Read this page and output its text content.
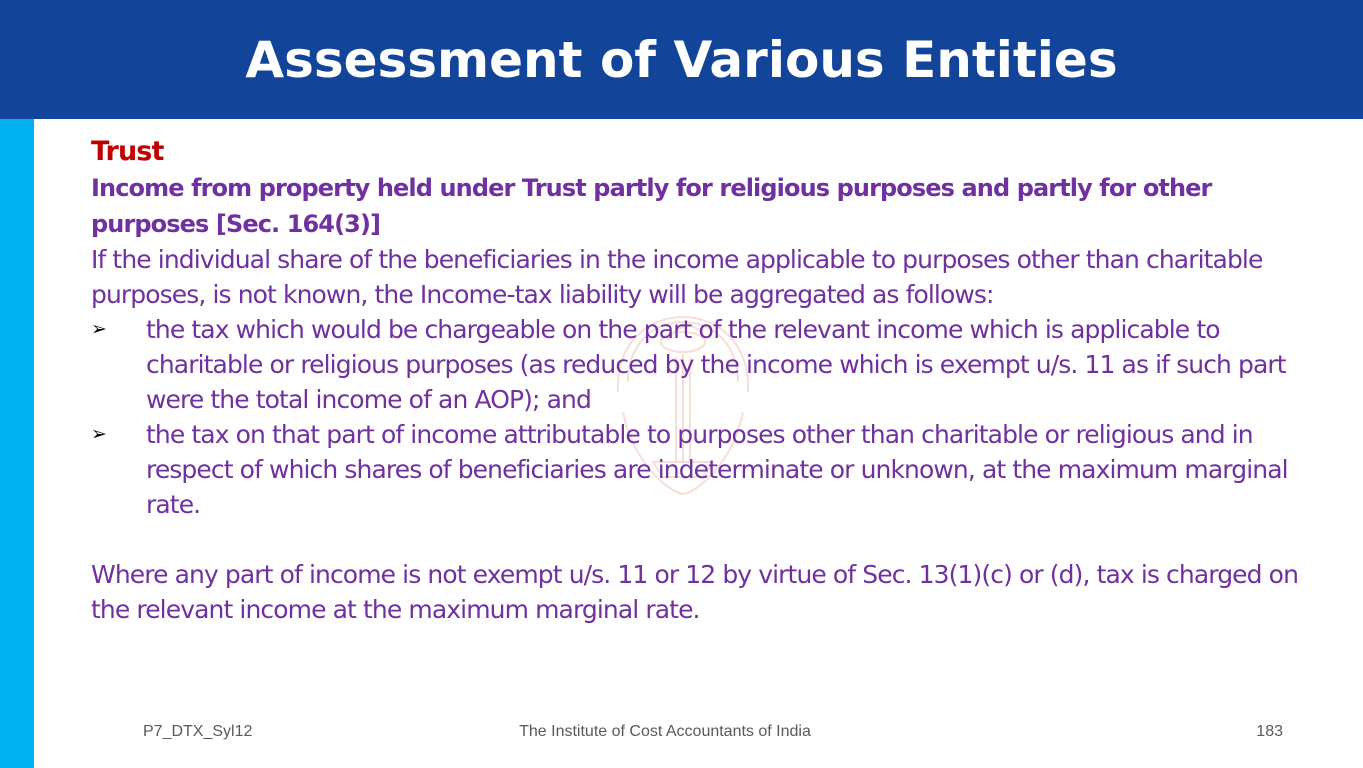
Assessment of Various Entities

Trust

Income from property held under Trust partly for religious purposes and partly for other purposes [Sec. 164(3)]

If the individual share of the beneficiaries in the income applicable to purposes other than charitable purposes, is not known, the Income-tax liability will be aggregated as follows:

➢	the tax which would be chargeable on the part of the relevant income which is applicable to charitable or religious purposes (as reduced by the income which is exempt u/s. 11 as if such part were the total income of an AOP); and
➢	the tax on that part of income attributable to purposes other than charitable or religious and in respect of which shares of beneficiaries are indeterminate or unknown, at the maximum marginal rate.

Where any part of income is not exempt u/s. 11 or 12 by virtue of Sec. 13(1)(c) or (d), tax is charged on the relevant income at the maximum marginal rate.

P7_DTX_Syl12	The Institute of Cost Accountants of India	183
